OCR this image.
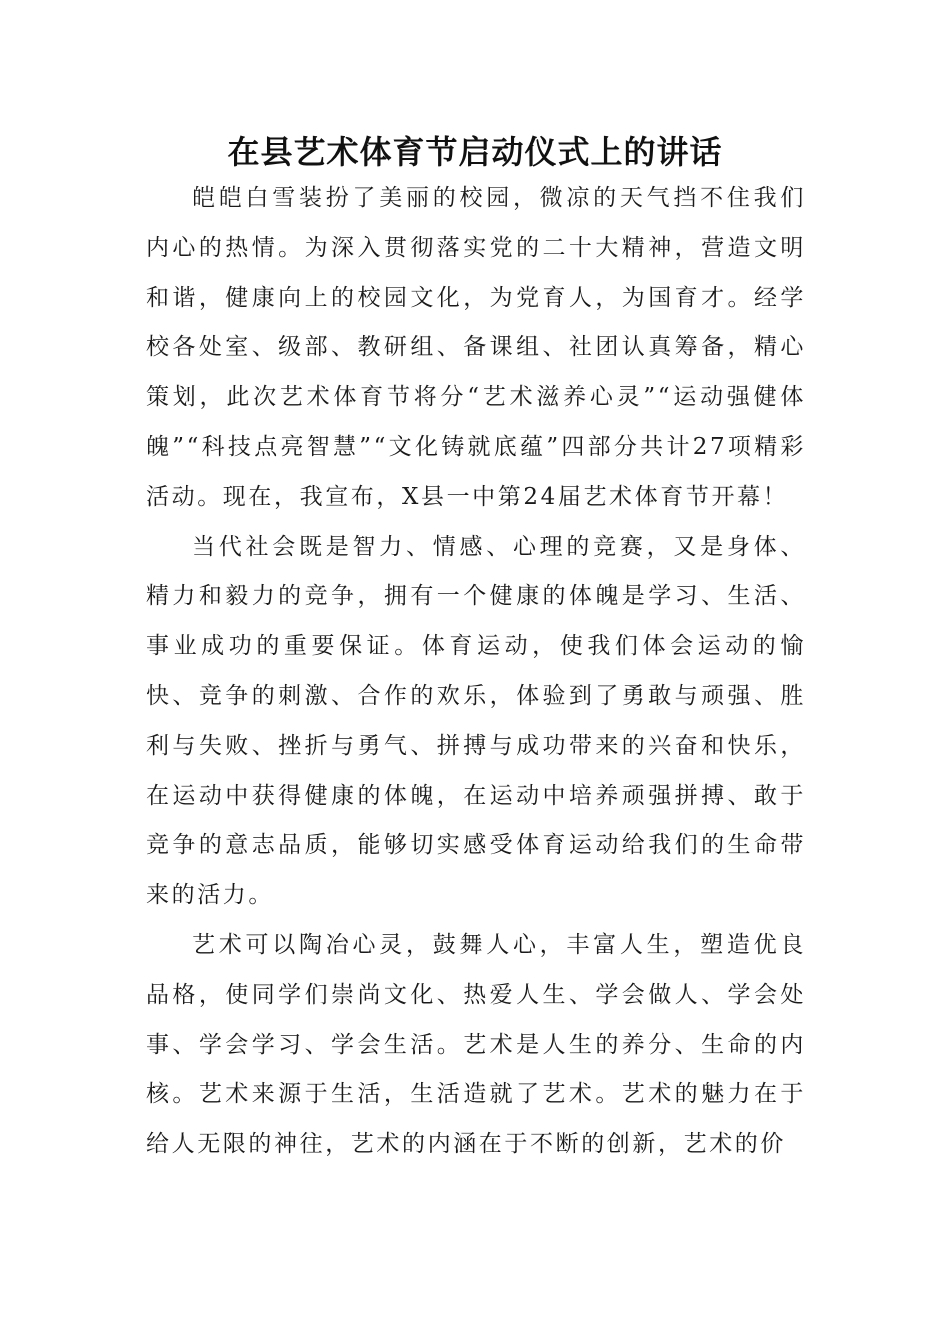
在县艺术体育节启动仪式上的讲话

皑皑白雪装扮了美丽的校园，微凉的天气挡不住我们内心的热情。为深入贯彻落实党的二十大精神，营造文明和谐，健康向上的校园文化，为党育人，为国育才。经学校各处室、级部、教研组、备课组、社团认真筹备，精心策划，此次艺术体育节将分“艺术滋养心灵”“运动强健体魄”“科技点亮智慧”“文化铸就底蕴”四部分共计27项精彩活动。现在，我宣布，X县一中第24届艺术体育节开幕！

当代社会既是智力、情感、心理的竞赛，又是身体、精力和毅力的竞争，拥有一个健康的体魄是学习、生活、事业成功的重要保证。体育运动，使我们体会运动的愉快、竞争的刺激、合作的欢乐，体验到了勇敢与顽强、胜利与失败、挫折与勇气、拼搏与成功带来的兴奋和快乐，在运动中获得健康的体魄，在运动中培养顽强拼搏、敢于竞争的意志品质，能够切实感受体育运动给我们的生命带来的活力。

艺术可以陶冶心灵，鼓舞人心，丰富人生，塑造优良品格，使同学们崇尚文化、热爱人生、学会做人、学会处事、学会学习、学会生活。艺术是人生的养分、生命的内核。艺术来源于生活，生活造就了艺术。艺术的魅力在于给人无限的神往，艺术的内涵在于不断的创新，艺术的价
